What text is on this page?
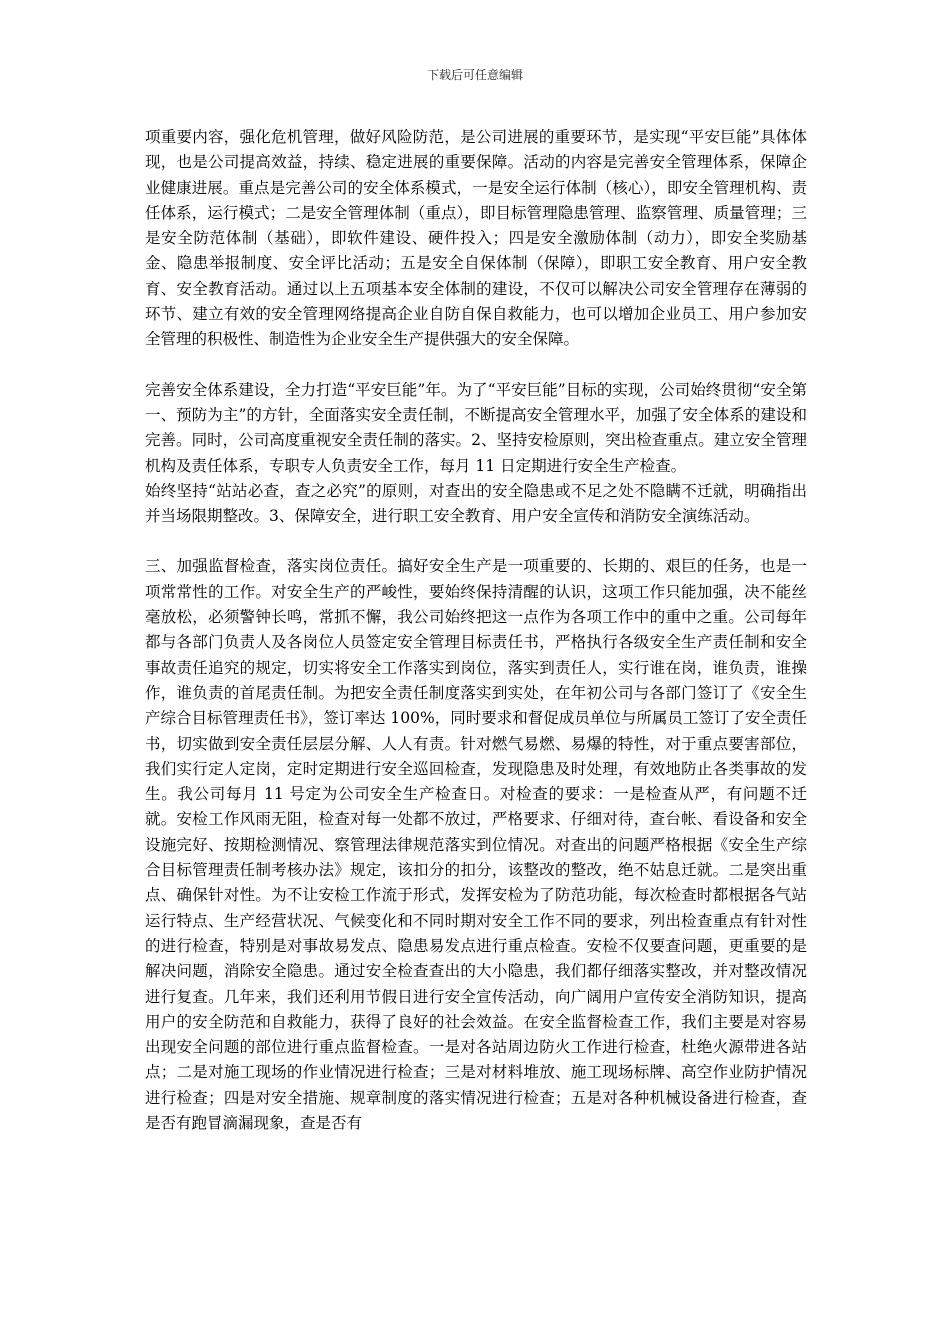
下载后可任意编辑

项重要内容，强化危机管理，做好风险防范，是公司进展的重要环节，是实现“平安巨能”具体体现，也是公司提高效益，持续、稳定进展的重要保障。活动的内容是完善安全管理体系，保障企业健康进展。重点是完善公司的安全体系模式，一是安全运行体制（核心），即安全管理机构、责任体系，运行模式；二是安全管理体制（重点），即目标管理隐患管理、监察管理、质量管理；三是安全防范体制（基础），即软件建设、硬件投入；四是安全激励体制（动力），即安全奖励基金、隐患举报制度、安全评比活动；五是安全自保体制（保障），即职工安全教育、用户安全教育、安全教育活动。通过以上五项基本安全体制的建设，不仅可以解决公司安全管理存在薄弱的环节、建立有效的安全管理网络提高企业自防自保自救能力，也可以增加企业员工、用户参加安全管理的积极性、制造性为企业安全生产提供强大的安全保障。

完善安全体系建设，全力打造“平安巨能”年。为了“平安巨能”目标的实现，公司始终贯彻“安全第一、预防为主”的方针，全面落实安全责任制，不断提高安全管理水平，加强了安全体系的建设和完善。同时，公司高度重视安全责任制的落实。2、坚持安检原则，突出检查重点。建立安全管理机构及责任体系，专职专人负责安全工作，每月 11 日定期进行安全生产检查。

始终坚持“站站必查，查之必究”的原则，对查出的安全隐患或不足之处不隐瞒不迁就，明确指出并当场限期整改。3、保障安全，进行职工安全教育、用户安全宣传和消防安全演练活动。

三、加强监督检查，落实岗位责任。搞好安全生产是一项重要的、长期的、艰巨的任务，也是一项常常性的工作。对安全生产的严峻性，要始终保持清醒的认识，这项工作只能加强，决不能丝毫放松，必须警钟长鸣，常抓不懈，我公司始终把这一点作为各项工作中的重中之重。公司每年都与各部门负责人及各岗位人员签定安全管理目标责任书，严格执行各级安全生产责任制和安全事故责任追究的规定，切实将安全工作落实到岗位，落实到责任人，实行谁在岗，谁负责，谁操作，谁负责的首尾责任制。为把安全责任制度落实到实处，在年初公司与各部门签订了《安全生产综合目标管理责任书》，签订率达 100%，同时要求和督促成员单位与所属员工签订了安全责任书，切实做到安全责任层层分解、人人有责。针对燃气易燃、易爆的特性，对于重点要害部位，我们实行定人定岗，定时定期进行安全巡回检查，发现隐患及时处理，有效地防止各类事故的发生。我公司每月 11 号定为公司安全生产检查日。对检查的要求：一是检查从严，有问题不迁就。安检工作风雨无阻，检查对每一处都不放过，严格要求、仔细对待，查台帐、看设备和安全设施完好、按期检测情况、察管理法律规范落实到位情况。对查出的问题严格根据《安全生产综合目标管理责任制考核办法》规定，该扣分的扣分，该整改的整改，绝不姑息迁就。二是突出重点、确保针对性。为不让安检工作流于形式，发挥安检为了防范功能，每次检查时都根据各气站运行特点、生产经营状况、气候变化和不同时期对安全工作不同的要求，列出检查重点有针对性的进行检查，特别是对事故易发点、隐患易发点进行重点检查。安检不仅要查问题，更重要的是解决问题，消除安全隐患。通过安全检查查出的大小隐患，我们都仔细落实整改，并对整改情况进行复查。几年来，我们还利用节假日进行安全宣传活动，向广阔用户宣传安全消防知识，提高用户的安全防范和自救能力，获得了良好的社会效益。在安全监督检查工作，我们主要是对容易出现安全问题的部位进行重点监督检查。一是对各站周边防火工作进行检查，杜绝火源带进各站点；二是对施工现场的作业情况进行检查；三是对材料堆放、施工现场标牌、高空作业防护情况进行检查；四是对安全措施、规章制度的落实情况进行检查；五是对各种机械设备进行检查，查是否有跑冒滴漏现象，查是否有
